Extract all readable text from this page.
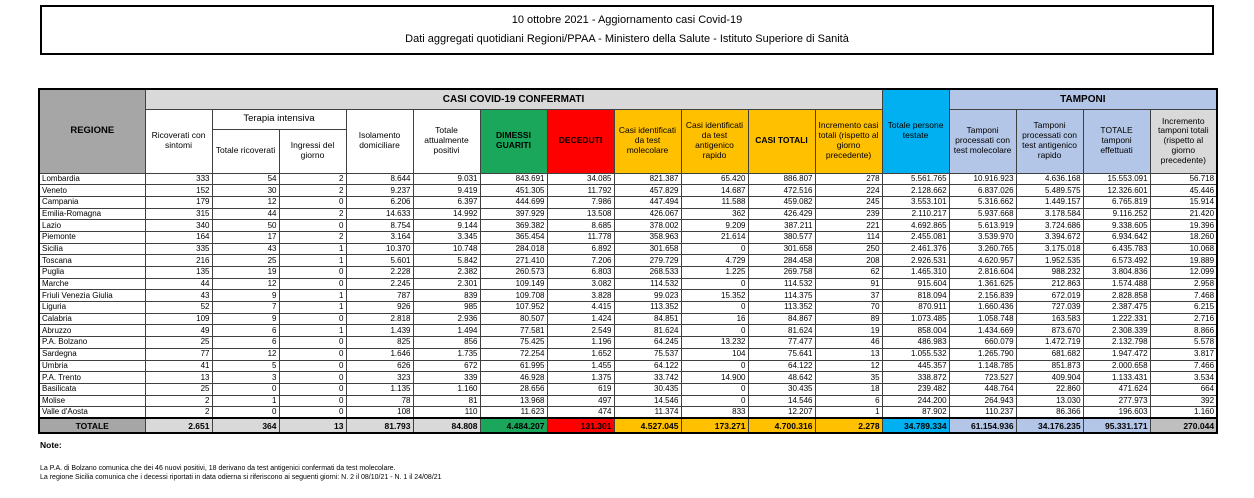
10 ottobre 2021 - Aggiornamento casi Covid-19
Dati aggregati quotidiani Regioni/PPAA - Ministero della Salute - Istituto Superiore di Sanità
REGIONE	CASI COVID-19 CONFERMATI											Totale persone testate	TAMPONI			
	Ricoverati con sintomi	Terapia intensiva		Isolamento domiciliare	Totale attualmente positivi	DIMESSI GUARITI	DECEDUTI	Casi identificati da test molecolare	Casi identificati da test antigenico rapido	CASI TOTALI	Incremento casi totali (rispetto al giorno precedente)		Tamponi processati con test molecolare	Tamponi processati con test antigenico rapido	TOTALE tamponi effettuati	Incremento tamponi totali (rispetto al giorno precedente)
		Totale ricoverati	Ingressi del giorno													
Lombardia	333	54	2	8.644	9.031	843.691	34.085	821.387	65.420	886.807	278	5.561.765	10.916.923	4.636.168	15.553.091	56.718
Veneto	152	30	2	9.237	9.419	451.305	11.792	457.829	14.687	472.516	224	2.128.662	6.837.026	5.489.575	12.326.601	45.446
Campania	179	12	0	6.206	6.397	444.699	7.986	447.494	11.588	459.082	245	3.553.101	5.316.662	1.449.157	6.765.819	15.914
Emilia-Romagna	315	44	2	14.633	14.992	397.929	13.508	426.067	362	426.429	239	2.110.217	5.937.668	3.178.584	9.116.252	21.420
Lazio	340	50	0	8.754	9.144	369.382	8.685	378.002	9.209	387.211	221	4.692.865	5.613.919	3.724.686	9.338.605	19.396
Piemonte	164	17	2	3.164	3.345	365.454	11.778	358.963	21.614	380.577	114	2.455.081	3.539.970	3.394.672	6.934.642	18.260
Sicilia	335	43	1	10.370	10.748	284.018	6.892	301.658	0	301.658	250	2.461.376	3.260.765	3.175.018	6.435.783	10.068
Toscana	216	25	1	5.601	5.842	271.410	7.206	279.729	4.729	284.458	208	2.926.531	4.620.957	1.952.535	6.573.492	19.889
Puglia	135	19	0	2.228	2.382	260.573	6.803	268.533	1.225	269.758	62	1.465.310	2.816.604	988.232	3.804.836	12.099
Marche	44	12	0	2.245	2.301	109.149	3.082	114.532	0	114.532	91	915.604	1.361.625	212.863	1.574.488	2.958
Friuli Venezia Giulia	43	9	1	787	839	109.708	3.828	99.023	15.352	114.375	37	818.094	2.156.839	672.019	2.828.858	7.468
Liguria	52	7	1	926	985	107.952	4.415	113.352	0	113.352	70	870.911	1.660.436	727.039	2.387.475	6.215
Calabria	109	9	0	2.818	2.936	80.507	1.424	84.851	16	84.867	89	1.073.485	1.058.748	163.583	1.222.331	2.716
Abruzzo	49	6	1	1.439	1.494	77.581	2.549	81.624	0	81.624	19	858.004	1.434.669	873.670	2.308.339	8.866
P.A. Bolzano	25	6	0	825	856	75.425	1.196	64.245	13.232	77.477	46	486.983	660.079	1.472.719	2.132.798	5.578
Sardegna	77	12	0	1.646	1.735	72.254	1.652	75.537	104	75.641	13	1.055.532	1.265.790	681.682	1.947.472	3.817
Umbria	41	5	0	626	672	61.995	1.455	64.122	0	64.122	12	445.357	1.148.785	851.873	2.000.658	7.466
P.A. Trento	13	3	0	323	339	46.928	1.375	33.742	14.900	48.642	35	338.872	723.527	409.904	1.133.431	3.534
Basilicata	25	0	0	1.135	1.160	28.656	619	30.435	0	30.435	18	239.482	448.764	22.860	471.624	664
Molise	2	1	0	78	81	13.968	497	14.546	0	14.546	6	244.200	264.943	13.030	277.973	392
Valle d'Aosta	2	0	0	108	110	11.623	474	11.374	833	12.207	1	87.902	110.237	86.366	196.603	1.160
TOTALE	2.651	364	13	81.793	84.808	4.484.207	131.301	4.527.045	173.271	4.700.316	2.278	34.789.334	61.154.936	34.176.235	95.331.171	270.044
Note:
La P.A. di Bolzano comunica che dei 46 nuovi positivi, 18 derivano da test antigenici confermati da test molecolare.
La regione Sicilia comunica che i decessi riportati in data odierna si riferiscono ai seguenti giorni: N. 2 il 08/10/21 - N. 1 il 24/08/21
